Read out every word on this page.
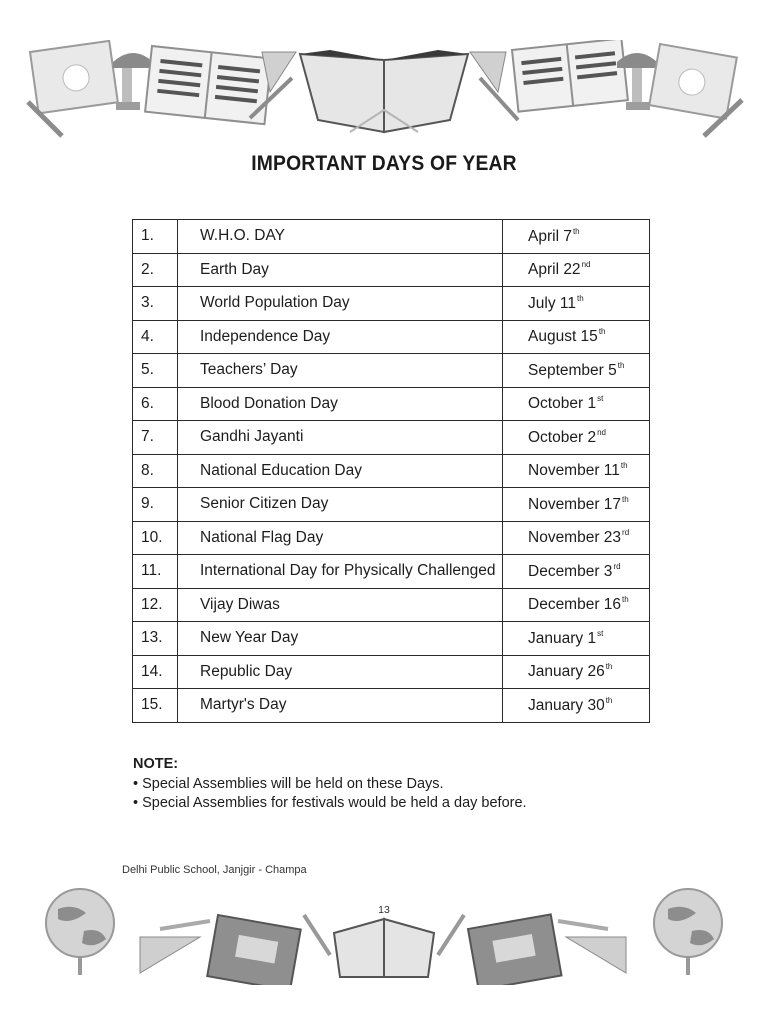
IMPORTANT DAYS OF YEAR
1.	W.H.O. DAY	April 7th
2.	Earth Day	April 22nd
3.	World Population Day	July 11th
4.	Independence Day	August 15th
5.	Teachers’ Day	September 5th
6.	Blood Donation Day	October 1st
7.	Gandhi Jayanti	October 2nd
8.	National Education Day	November 11th
9.	Senior Citizen Day	November 17th
10.	National Flag Day	November 23rd
11.	International Day for Physically Challenged	December 3rd
12.	Vijay Diwas	December 16th
13.	New Year Day	January 1st
14.	Republic Day	January 26th
15.	Martyr's Day	January 30th
NOTE:
• Special Assemblies will be held on these Days.
• Special Assemblies for festivals would be held a day before.
Delhi Public School, Janjgir - Champa
13
